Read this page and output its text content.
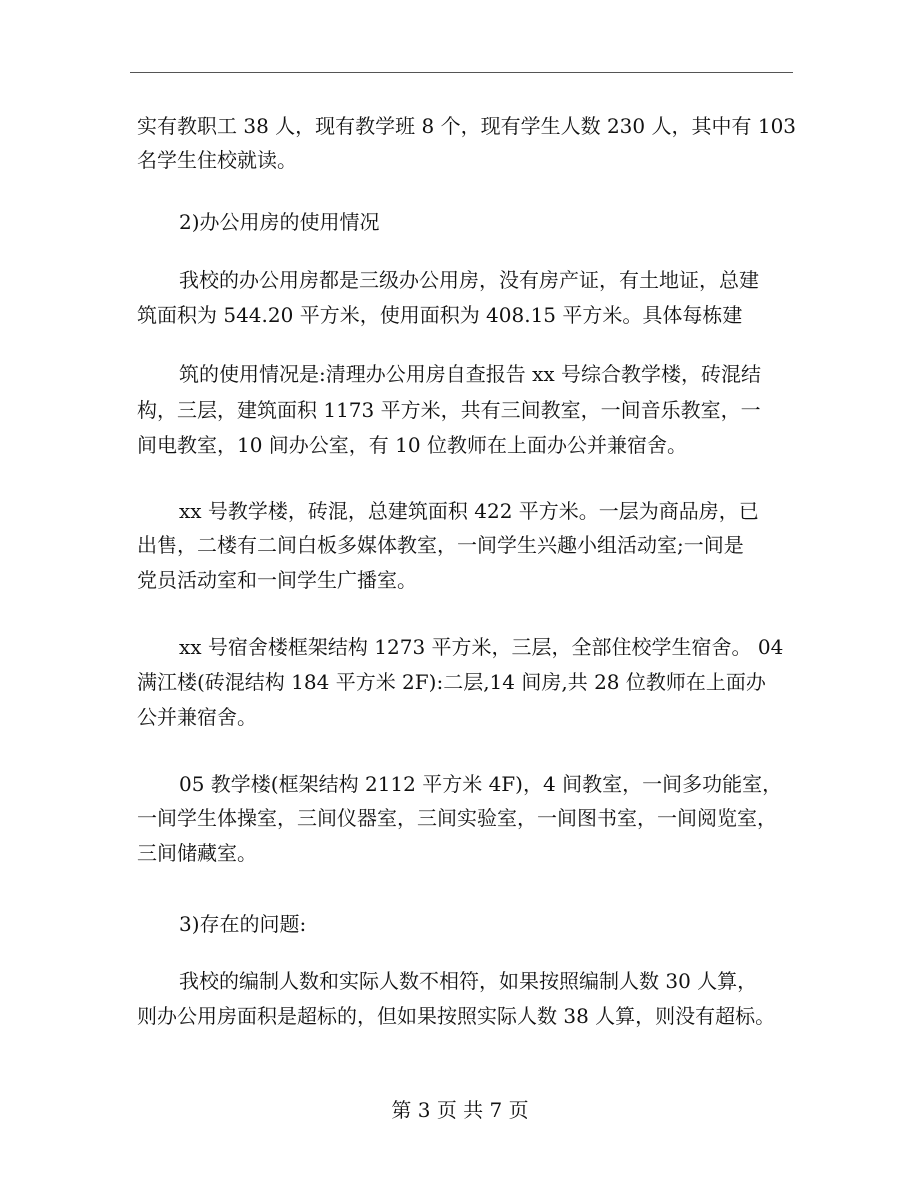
实有教职工 38 人，现有教学班 8 个，现有学生人数 230 人，其中有 103
名学生住校就读。
2)办公用房的使用情况
我校的办公用房都是三级办公用房，没有房产证，有土地证，总建
筑面积为 544.20 平方米，使用面积为 408.15 平方米。具体每栋建
筑的使用情况是:清理办公用房自查报告 xx 号综合教学楼，砖混结
构，三层，建筑面积 1173 平方米，共有三间教室，一间音乐教室，一
间电教室，10 间办公室，有 10 位教师在上面办公并兼宿舍。
xx 号教学楼，砖混，总建筑面积 422 平方米。一层为商品房，已
出售，二楼有二间白板多媒体教室，一间学生兴趣小组活动室;一间是
党员活动室和一间学生广播室。
xx 号宿舍楼框架结构 1273 平方米，三层，全部住校学生宿舍。 04
满江楼(砖混结构 184 平方米 2F):二层,14 间房,共 28 位教师在上面办
公并兼宿舍。
05 教学楼(框架结构 2112 平方米 4F)，4 间教室，一间多功能室，
一间学生体操室，三间仪器室，三间实验室，一间图书室，一间阅览室，
三间储藏室。
3)存在的问题:
我校的编制人数和实际人数不相符，如果按照编制人数 30 人算，
则办公用房面积是超标的，但如果按照实际人数 38 人算，则没有超标。
第 3 页 共 7 页
